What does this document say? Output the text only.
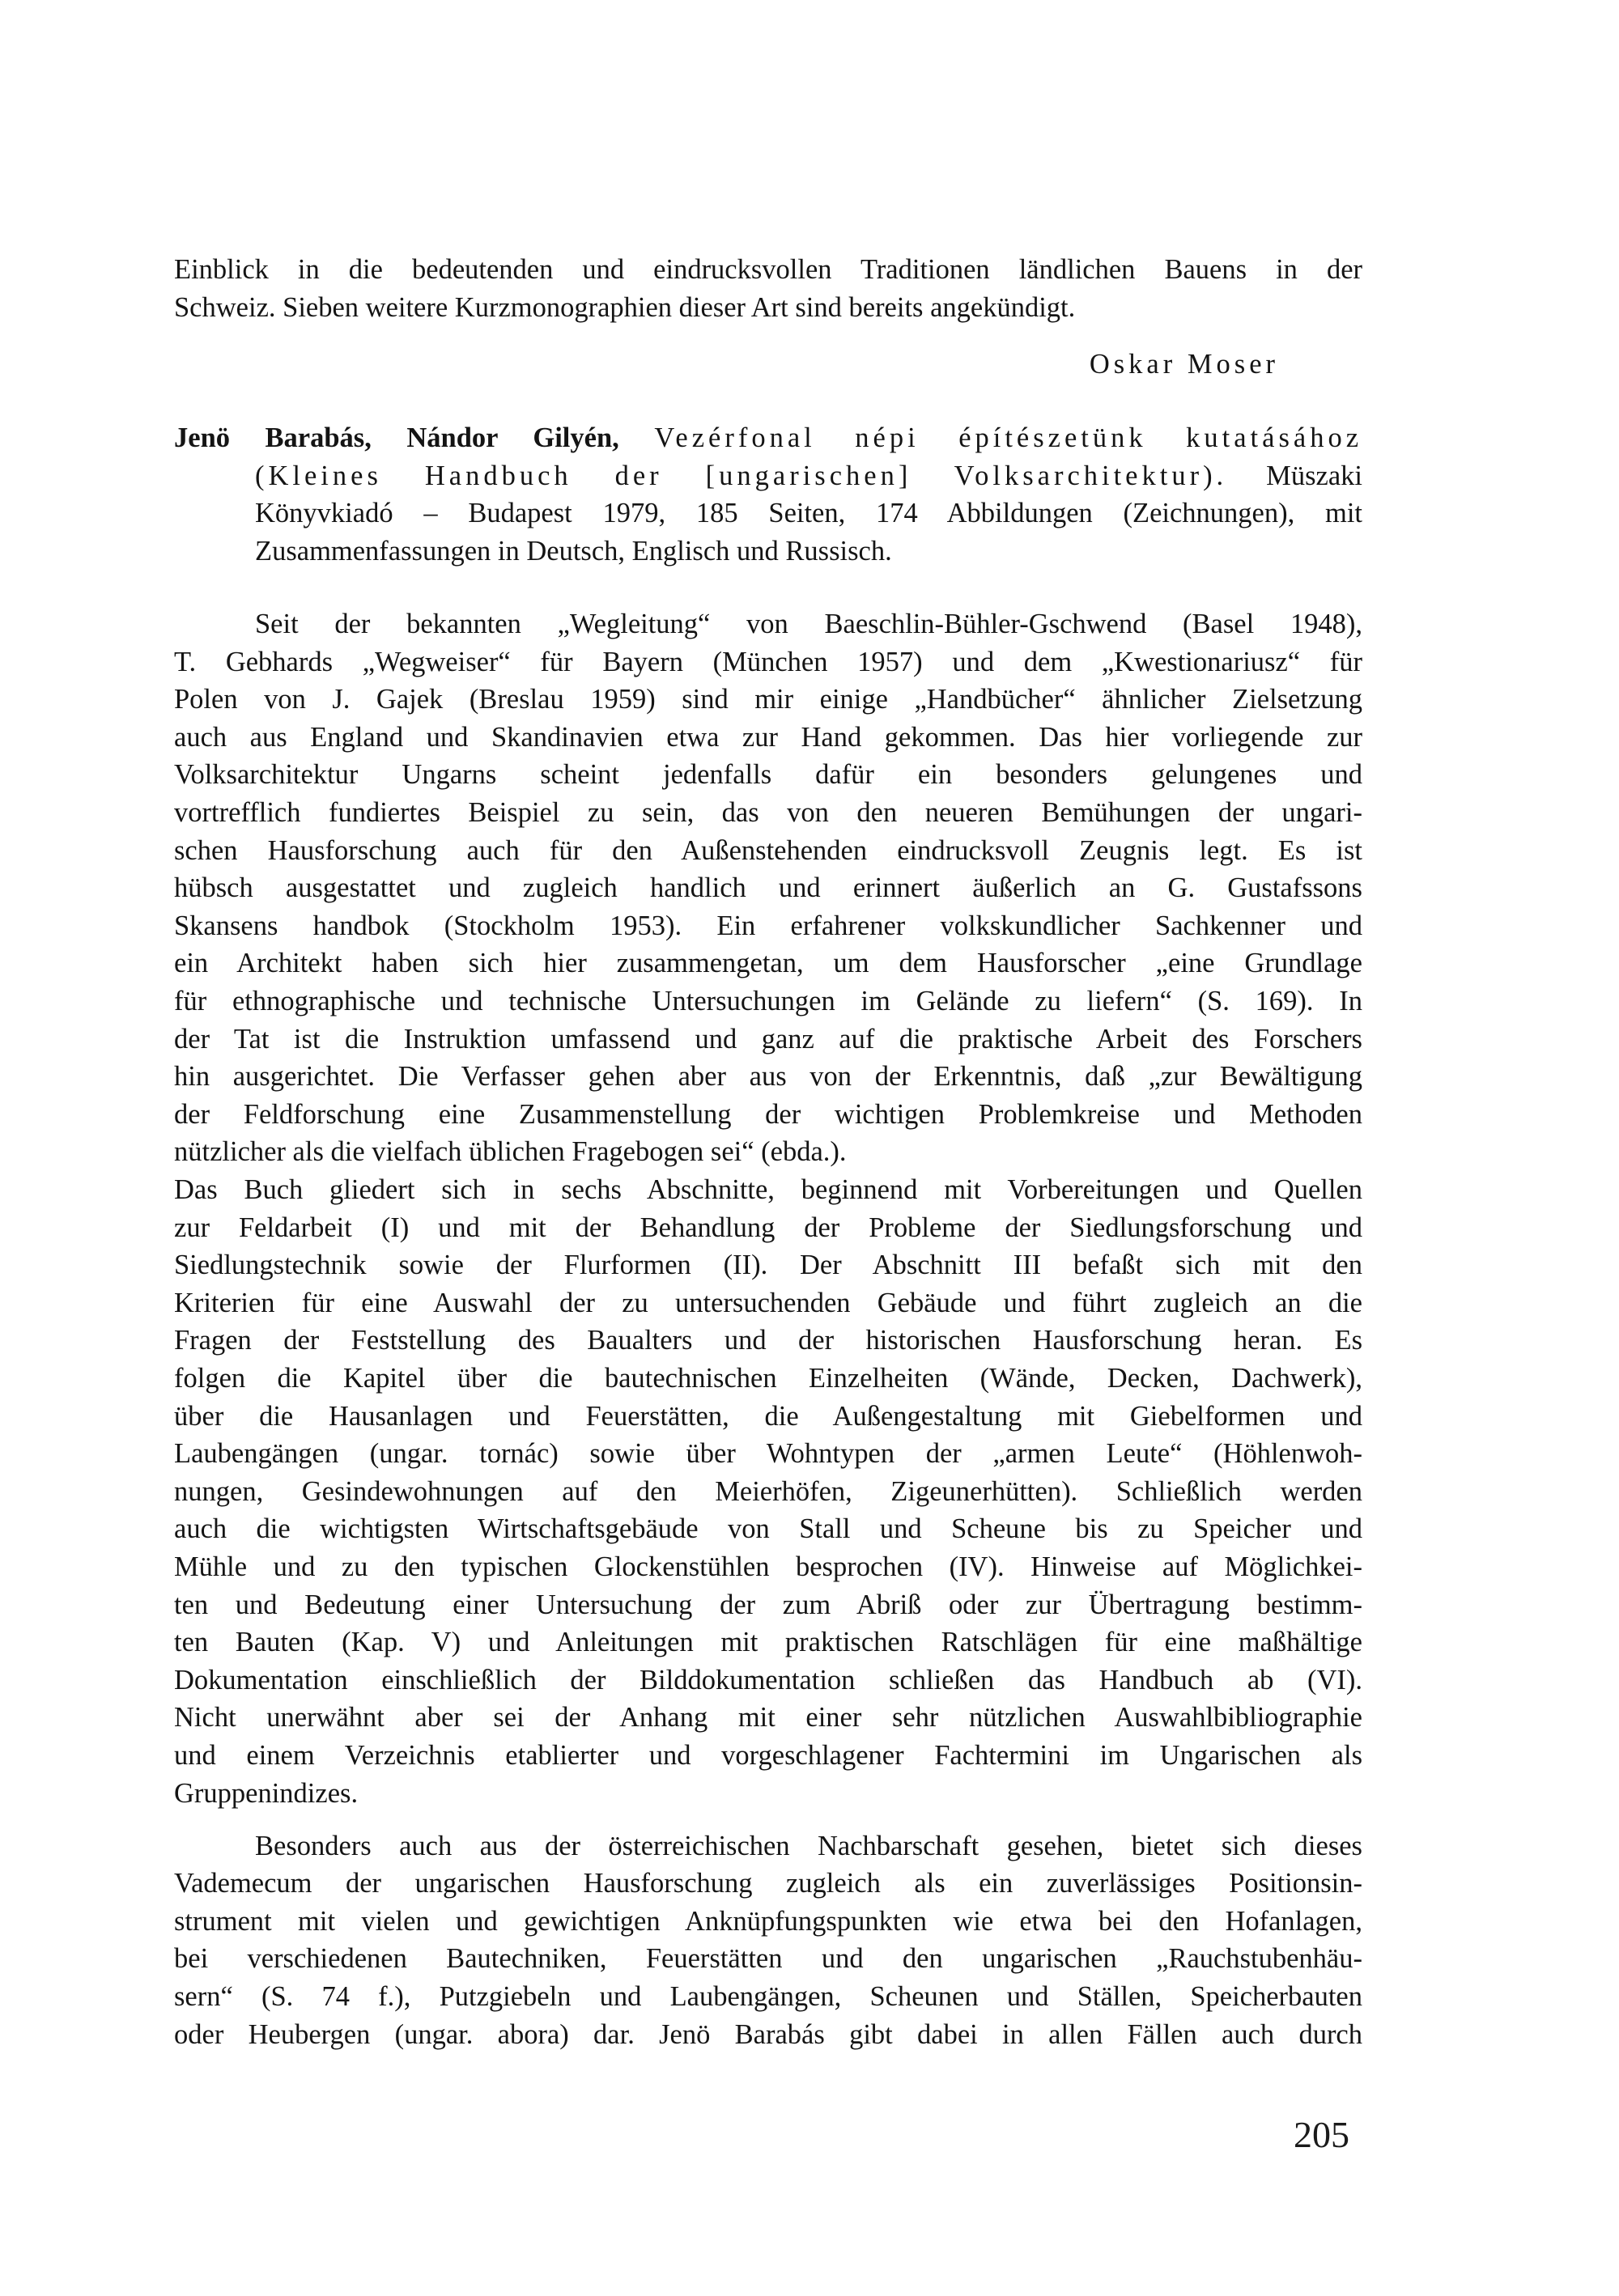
Einblick in die bedeutenden und eindrucksvollen Traditionen ländlichen Bauens in der
Schweiz. Sieben weitere Kurzmonographien dieser Art sind bereits angekündigt.
Oskar Moser
Jenö Barabás, Nándor Gilyén, Vezérfonal népi építészetünk kutatásához
(Kleines Handbuch der [ungarischen] Volksarchitektur). Müszaki
Könyvkiadó – Budapest 1979, 185 Seiten, 174 Abbildungen (Zeichnungen), mit
Zusammenfassungen in Deutsch, Englisch und Russisch.
Seit der bekannten „Wegleitung“ von Baeschlin-Bühler-Gschwend (Basel 1948),
T. Gebhards „Wegweiser“ für Bayern (München 1957) und dem „Kwestionariusz“ für
Polen von J. Gajek (Breslau 1959) sind mir einige „Handbücher“ ähnlicher Zielsetzung
auch aus England und Skandinavien etwa zur Hand gekommen. Das hier vorliegende zur
Volksarchitektur Ungarns scheint jedenfalls dafür ein besonders gelungenes und
vortrefflich fundiertes Beispiel zu sein, das von den neueren Bemühungen der ungari-
schen Hausforschung auch für den Außenstehenden eindrucksvoll Zeugnis legt. Es ist
hübsch ausgestattet und zugleich handlich und erinnert äußerlich an G. Gustafssons
Skansens handbok (Stockholm 1953). Ein erfahrener volkskundlicher Sachkenner und
ein Architekt haben sich hier zusammengetan, um dem Hausforscher „eine Grundlage
für ethnographische und technische Untersuchungen im Gelände zu liefern“ (S. 169). In
der Tat ist die Instruktion umfassend und ganz auf die praktische Arbeit des Forschers
hin ausgerichtet. Die Verfasser gehen aber aus von der Erkenntnis, daß „zur Bewältigung
der Feldforschung eine Zusammenstellung der wichtigen Problemkreise und Methoden
nützlicher als die vielfach üblichen Fragebogen sei“ (ebda.).
Das Buch gliedert sich in sechs Abschnitte, beginnend mit Vorbereitungen und Quellen
zur Feldarbeit (I) und mit der Behandlung der Probleme der Siedlungsforschung und
Siedlungstechnik sowie der Flurformen (II). Der Abschnitt III befaßt sich mit den
Kriterien für eine Auswahl der zu untersuchenden Gebäude und führt zugleich an die
Fragen der Feststellung des Baualters und der historischen Hausforschung heran. Es
folgen die Kapitel über die bautechnischen Einzelheiten (Wände, Decken, Dachwerk),
über die Hausanlagen und Feuerstätten, die Außengestaltung mit Giebelformen und
Laubengängen (ungar. tornác) sowie über Wohntypen der „armen Leute“ (Höhlenwoh-
nungen, Gesindewohnungen auf den Meierhöfen, Zigeunerhütten). Schließlich werden
auch die wichtigsten Wirtschaftsgebäude von Stall und Scheune bis zu Speicher und
Mühle und zu den typischen Glockenstühlen besprochen (IV). Hinweise auf Möglichkei-
ten und Bedeutung einer Untersuchung der zum Abriß oder zur Übertragung bestimm-
ten Bauten (Kap. V) und Anleitungen mit praktischen Ratschlägen für eine maßhältige
Dokumentation einschließlich der Bilddokumentation schließen das Handbuch ab (VI).
Nicht unerwähnt aber sei der Anhang mit einer sehr nützlichen Auswahlbibliographie
und einem Verzeichnis etablierter und vorgeschlagener Fachtermini im Ungarischen als
Gruppenindizes.
Besonders auch aus der österreichischen Nachbarschaft gesehen, bietet sich dieses
Vademecum der ungarischen Hausforschung zugleich als ein zuverlässiges Positionsin-
strument mit vielen und gewichtigen Anknüpfungspunkten wie etwa bei den Hofanlagen,
bei verschiedenen Bautechniken, Feuerstätten und den ungarischen „Rauchstubenhäu-
sern“ (S. 74 f.), Putzgiebeln und Laubengängen, Scheunen und Ställen, Speicherbauten
oder Heubergen (ungar. abora) dar. Jenö Barabás gibt dabei in allen Fällen auch durch
205
